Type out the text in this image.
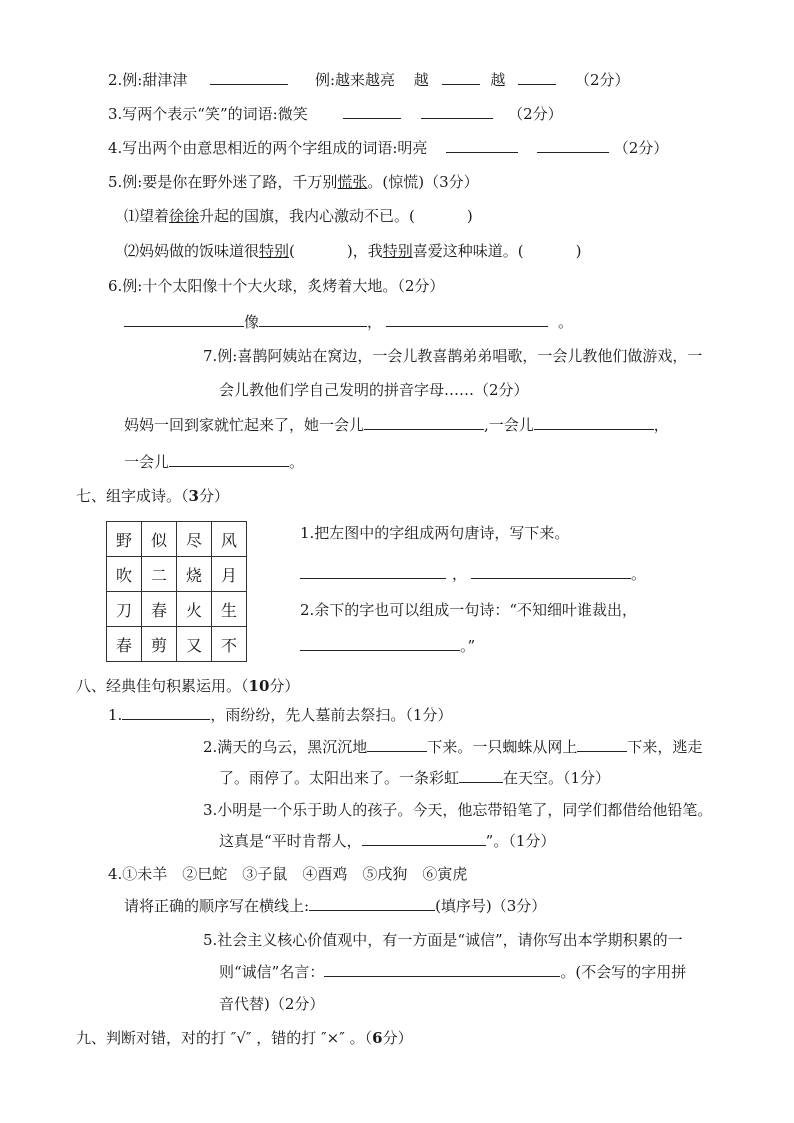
2.例:甜津津	例:越来越亮 越	越	（2分）
3.写两个表示“笑”的词语:微笑	（2分）
4.写出两个由意思相近的两个字组成的词语:明亮	（2分）
5.例:要是你在野外迷了路，千万别慌张。(惊慌)（3分）
⑴望着徐徐升起的国旗，我内心激动不已。(	)
⑵妈妈做的饭味道很特别(	)，我特别喜爱这种味道。(	)
6.例:十个太阳像十个大火球，炙烤着大地。（2分）
像	，	。
7.例:喜鹊阿姨站在窝边，一会儿教喜鹊弟弟唱歌，一会儿教他们做游戏，一
会儿教他们学自己发明的拼音字母……（2分）
妈妈一回到家就忙起来了，她一会儿	,一会儿	，
一会儿	。
七、组字成诗。（3分）
野	似	尽	风
吹	二	烧	月
刀	春	火	生
春	剪	又	不
1.把左图中的字组成两句唐诗，写下来。
，	。
2.余下的字也可以组成一句诗：“不知细叶谁裁出，
。”
八、经典佳句积累运用。（10分）
1.	，雨纷纷，先人墓前去祭扫。（1分）
2.满天的乌云，黑沉沉地	下来。一只蜘蛛从网上	下来，逃走
了。雨停了。太阳出来了。一条彩虹	在天空。（1分）
3.小明是一个乐于助人的孩子。今天，他忘带铅笔了，同学们都借给他铅笔。
这真是“平时肯帮人，	”。（1分）
4.①未羊　②巳蛇　③子鼠　④酉鸡　⑤戌狗　⑥寅虎
请将正确的顺序写在横线上:	(填序号)（3分）
5.社会主义核心价值观中，有一方面是“诚信”，请你写出本学期积累的一
则“诚信”名言：	。(不会写的字用拼
音代替)（2分）
九、判断对错，对的打 ″√″ ，错的打 ″×″ 。（6分）
